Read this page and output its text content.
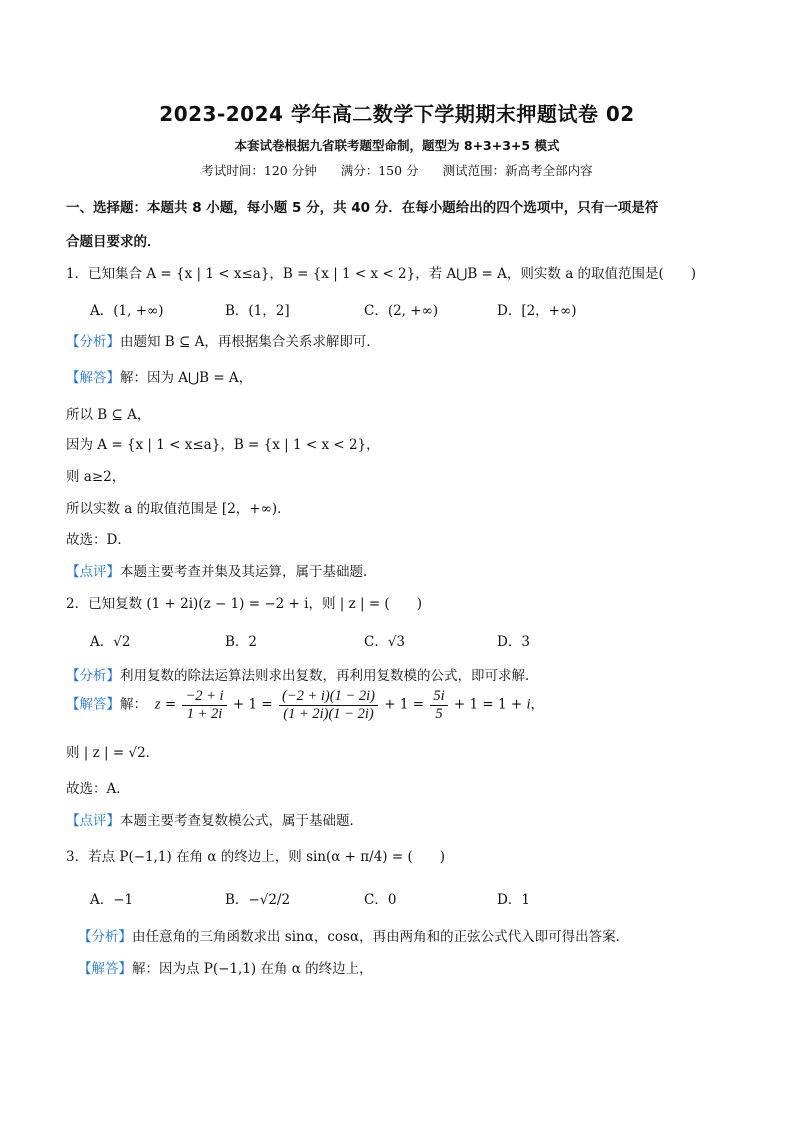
2023-2024 学年高二数学下学期期末押题试卷 02
本套试卷根据九省联考题型命制，题型为 8+3+3+5 模式
考试时间：120 分钟 满分：150 分 测试范围：新高考全部内容
一、选择题：本题共 8 小题，每小题 5 分，共 40 分．在每小题给出的四个选项中，只有一项是符
合题目要求的．
1．已知集合 A = {x | 1 < x≤a}，B = {x | 1 < x < 2}，若 A⋃B = A，则实数 a 的取值范围是(　　)
A．(1, +∞)	B．(1，2]	C．(2, +∞)	D．[2，+∞)
【分析】由题知 B ⊆ A，再根据集合关系求解即可．
【解答】解：因为 A⋃B = A，
所以 B ⊆ A，
因为 A = {x | 1 < x≤a}，B = {x | 1 < x < 2}，
则 a≥2，
所以实数 a 的取值范围是 [2，+∞)．
故选：D．
【点评】本题主要考查并集及其运算，属于基础题．
2．已知复数 (1 + 2i)(z − 1) = −2 + i，则 | z | = (　　)
A．√2	B．2	C．√3	D．3
【分析】利用复数的除法运算法则求出复数，再利用复数模的公式，即可求解．
【解答】解：  $z = \frac{-2 + i}{1 + 2i} + 1 = \frac{(-2 + i)(1 - 2i)}{(1 + 2i)(1 - 2i)} + 1 = \frac{5i}{5} + 1 = 1 + i$，
则 | z | = √2．
故选：A．
【点评】本题主要考查复数模公式，属于基础题．
3．若点 P(−1,1) 在角 α 的终边上，则 sin(α + π/4) = (　　)
A．−1	B．−√2/2	C．0	D．1
【分析】由任意角的三角函数求出 sinα，cosα，再由两角和的正弦公式代入即可得出答案．
【解答】解：因为点 P(−1,1) 在角 α 的终边上，
